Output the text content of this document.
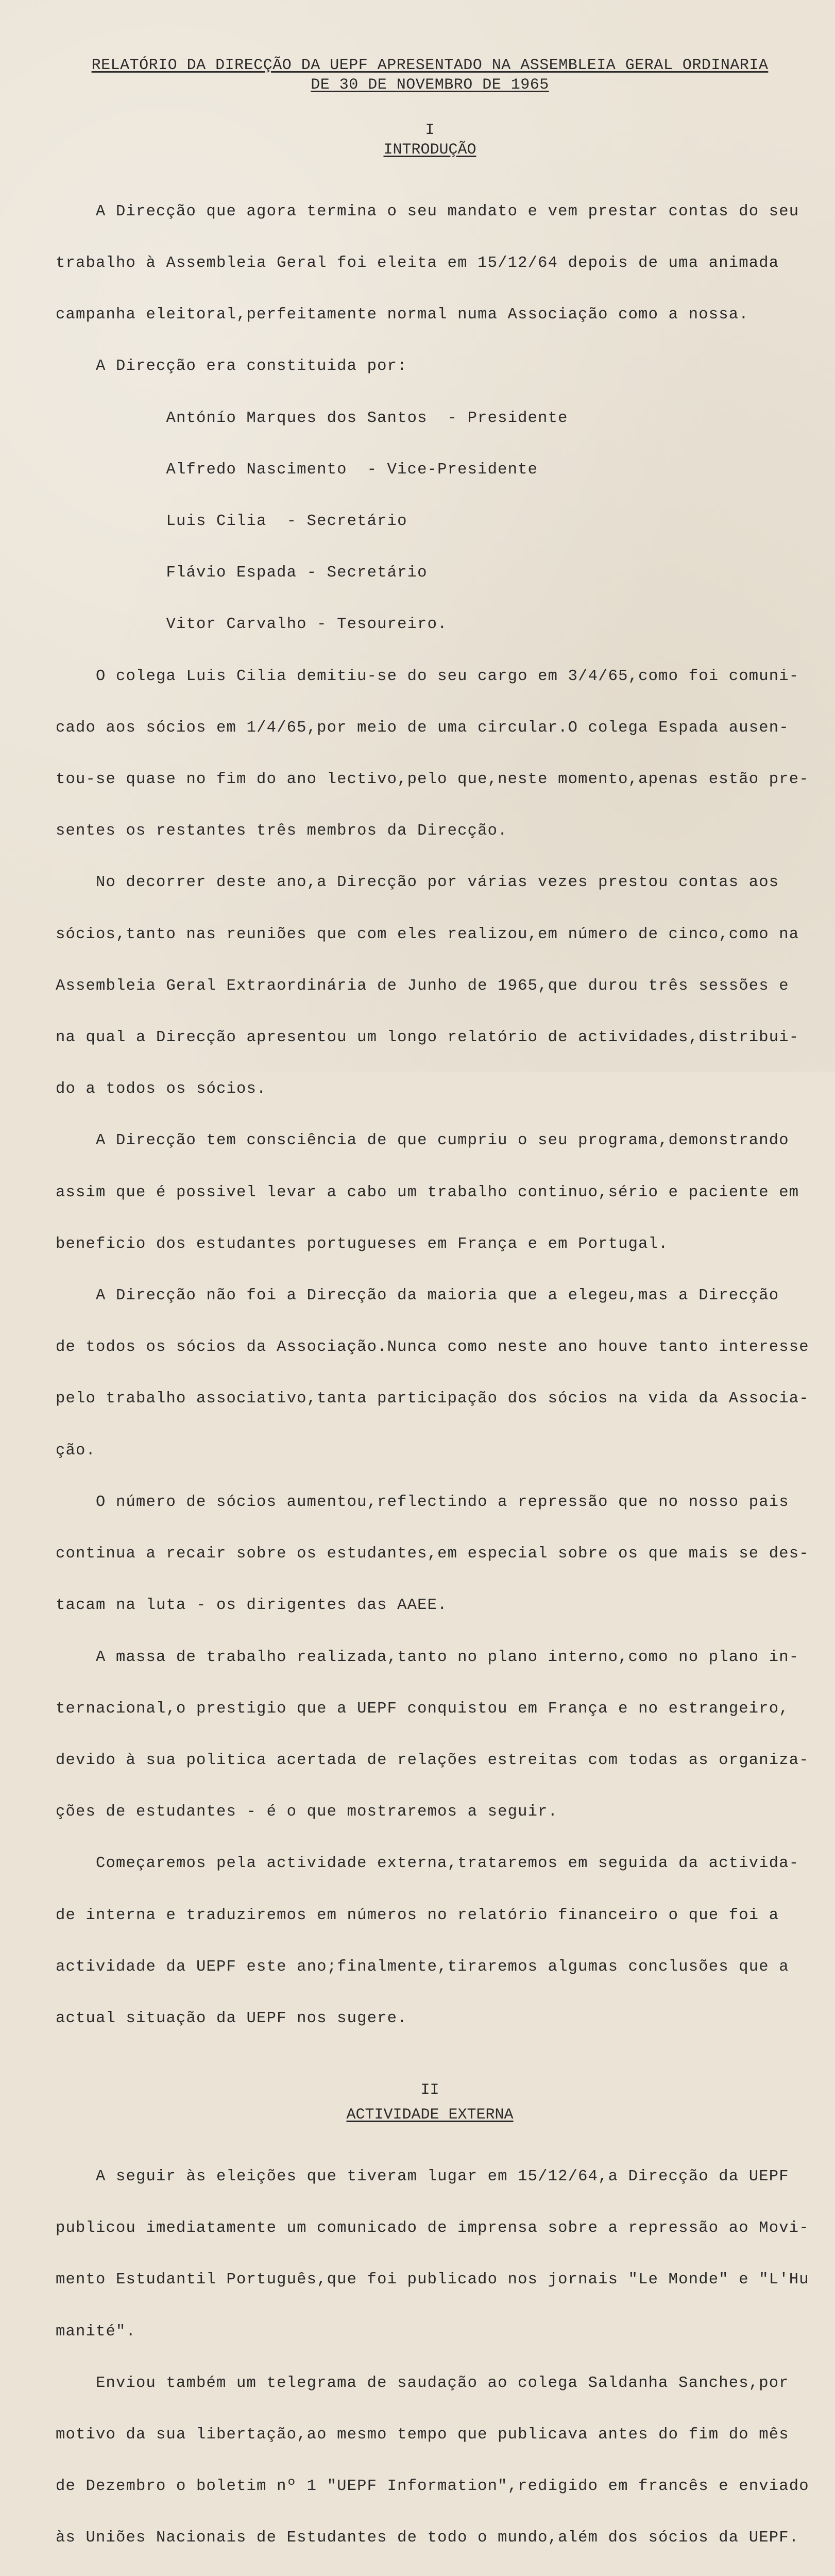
RELATÓRIO DA DIRECÇÃO DA UEPF APRESENTADO NA ASSEMBLEIA GERAL ORDINARIA
DE 30 DE NOVEMBRO DE 1965
I
INTRODUÇÃO

A Direcção que agora termina o seu mandato e vem prestar contas do seu

trabalho à Assembleia Geral foi eleita em 15/12/64 depois de uma animada

campanha eleitoral,perfeitamente normal numa Associação como a nossa.

A Direcção era constituida por:

Antónío Marques dos Santos  - Presidente

Alfredo Nascimento  - Vice-Presidente

Luis Cilia  - Secretário

Flávio Espada - Secretário

Vitor Carvalho - Tesoureiro.

O colega Luis Cilia demitiu-se do seu cargo em 3/4/65,como foi comuni-

cado aos sócios em 1/4/65,por meio de uma circular.O colega Espada ausen-

tou-se quase no fim do ano lectivo,pelo que,neste momento,apenas estão pre-

sentes os restantes três membros da Direcção.

No decorrer deste ano,a Direcção por várias vezes prestou contas aos

sócios,tanto nas reuniões que com eles realizou,em número de cinco,como na

Assembleia Geral Extraordinária de Junho de 1965,que durou três sessões e

na qual a Direcção apresentou um longo relatório de actividades,distribui-

do a todos os sócios.

A Direcção tem consciência de que cumpriu o seu programa,demonstrando

assim que é possivel levar a cabo um trabalho continuo,sério e paciente em

beneficio dos estudantes portugueses em França e em Portugal.

A Direcção não foi a Direcção da maioria que a elegeu,mas a Direcção

de todos os sócios da Associação.Nunca como neste ano houve tanto interesse

pelo trabalho associativo,tanta participação dos sócios na vida da Associa-

ção.

O número de sócios aumentou,reflectindo a repressão que no nosso pais

continua a recair sobre os estudantes,em especial sobre os que mais se des-

tacam na luta - os dirigentes das AAEE.

A massa de trabalho realizada,tanto no plano interno,como no plano in-

ternacional,o prestigio que a UEPF conquistou em França e no estrangeiro,

devido à sua politica acertada de relações estreitas com todas as organiza-

ções de estudantes - é o que mostraremos a seguir.

Começaremos pela actividade externa,trataremos em seguida da activida-

de interna e traduziremos em números no relatório financeiro o que foi a

actividade da UEPF este ano;finalmente,tiraremos algumas conclusões que a

actual situação da UEPF nos sugere.

II
ACTIVIDADE EXTERNA

A seguir às eleições que tiveram lugar em 15/12/64,a Direcção da UEPF

publicou imediatamente um comunicado de imprensa sobre a repressão ao Movi-

mento Estudantil Português,que foi publicado nos jornais "Le Monde" e "L'Hu

manité".

Enviou também um telegrama de saudação ao colega Saldanha Sanches,por

motivo da sua libertação,ao mesmo tempo que publicava antes do fim do mês

de Dezembro o boletim nº 1 "UEPF Information",redigido em francês e enviado

às Uniões Nacionais de Estudantes de todo o mundo,além dos sócios da UEPF.
